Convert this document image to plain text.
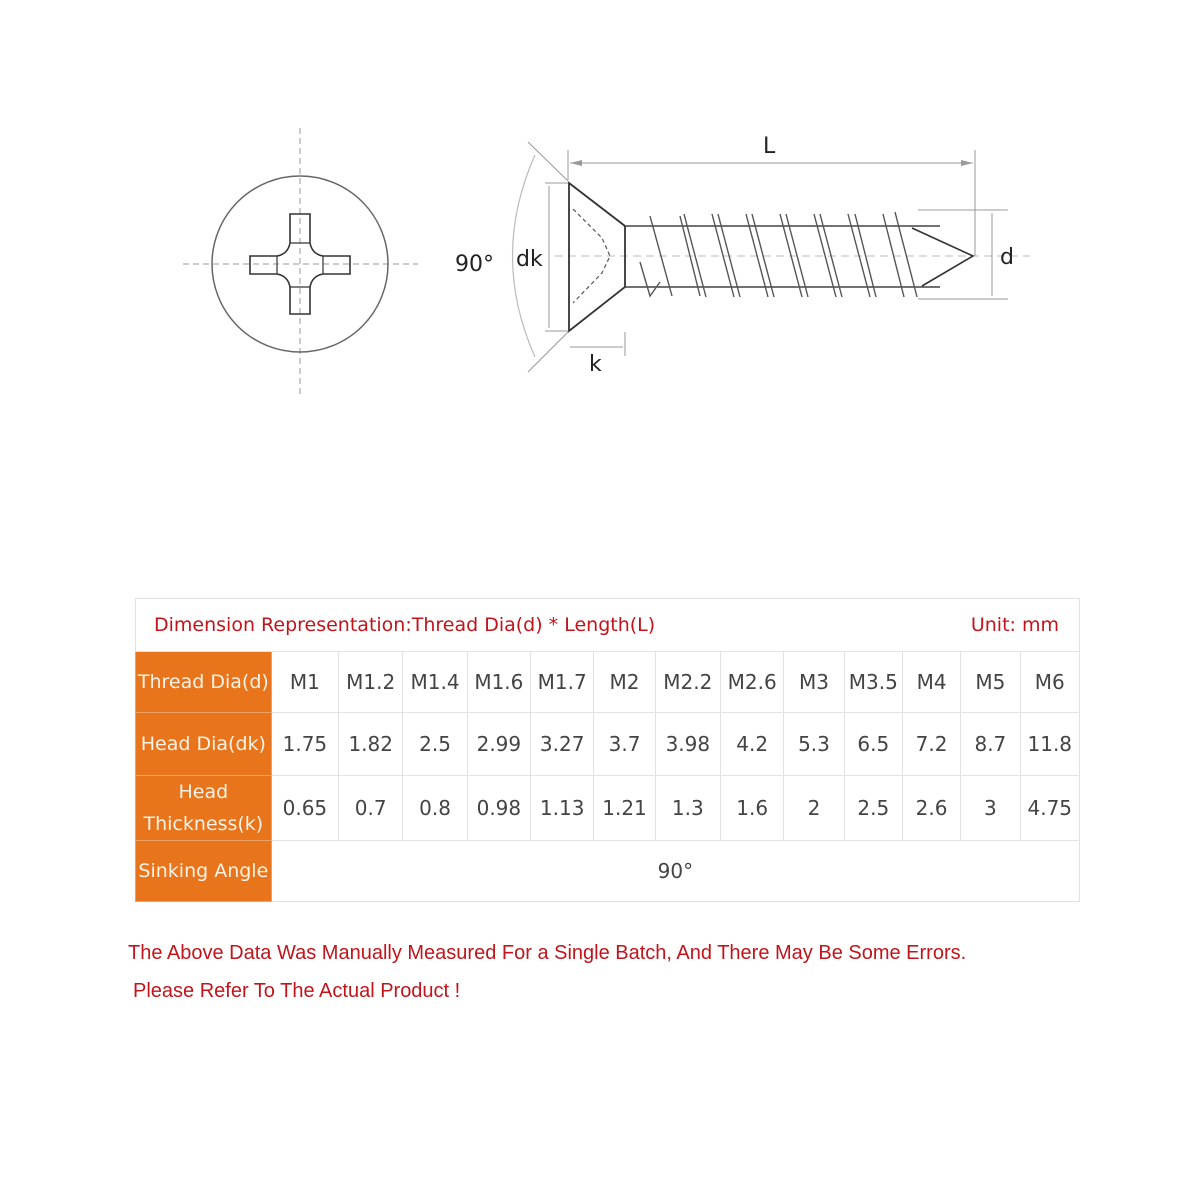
L
90° dk
k
d
Dimension Representation:Thread Dia(d) * Length(L) Unit: mm													

Thread Dia(d)	M1	M1.2	M1.4	M1.6	M1.7	M2	M2.2	M2.6	M3	M3.5	M4	M5	M6
Head Dia(dk)	1.75	1.82	2.5	2.99	3.27	3.7	3.98	4.2	5.3	6.5	7.2	8.7	11.8

Head
Thickness(k)	0.65	0.7	0.8	0.98	1.13	1.21	1.3	1.6	2	2.5	2.6	3	4.75
Sinking Angle	90°												
The Above Data Was Manually Measured For a Single Batch, And There May Be Some Errors.
Please Refer To The Actual Product !
